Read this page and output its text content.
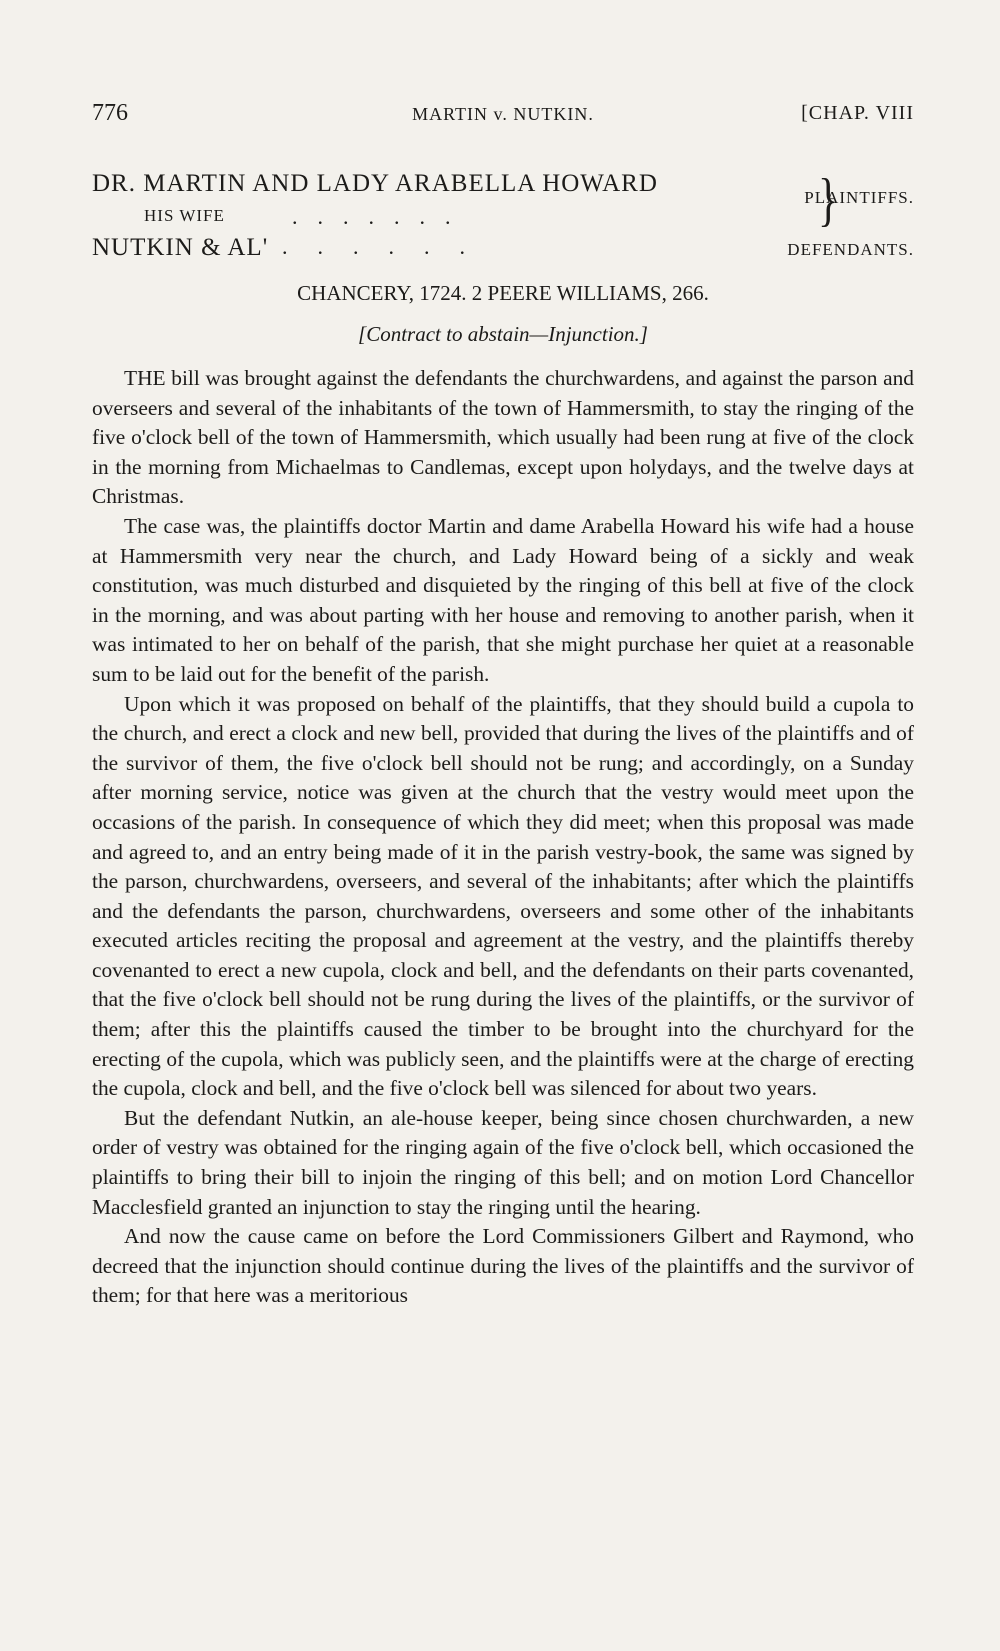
776	MARTIN v. NUTKIN.	[CHAP. VIII
DR. MARTIN AND LADY ARABELLA HOWARD
HIS WIFE	.......
NUTKIN & AL' ......
}
PLAINTIFFS.
DEFENDANTS.
CHANCERY, 1724. 2 PEERE WILLIAMS, 266.
[Contract to abstain—Injunction.]

THE bill was brought against the defendants the churchwardens, and against the parson and overseers and several of the inhabitants of the town of Hammersmith, to stay the ringing of the five o'clock bell of the town of Hammersmith, which usually had been rung at five of the clock in the morning from Michaelmas to Candlemas, except upon holydays, and the twelve days at Christmas.

The case was, the plaintiffs doctor Martin and dame Arabella Howard his wife had a house at Hammersmith very near the church, and Lady Howard being of a sickly and weak constitution, was much disturbed and disquieted by the ringing of this bell at five of the clock in the morning, and was about parting with her house and removing to another parish, when it was intimated to her on behalf of the parish, that she might purchase her quiet at a reasonable sum to be laid out for the benefit of the parish.

Upon which it was proposed on behalf of the plaintiffs, that they should build a cupola to the church, and erect a clock and new bell, provided that during the lives of the plaintiffs and of the survivor of them, the five o'clock bell should not be rung; and accordingly, on a Sunday after morning service, notice was given at the church that the vestry would meet upon the occasions of the parish. In consequence of which they did meet; when this proposal was made and agreed to, and an entry being made of it in the parish vestry-book, the same was signed by the parson, churchwardens, overseers, and several of the inhabitants; after which the plaintiffs and the defendants the parson, churchwardens, overseers and some other of the inhabitants executed articles reciting the proposal and agreement at the vestry, and the plaintiffs thereby covenanted to erect a new cupola, clock and bell, and the defendants on their parts covenanted, that the five o'clock bell should not be rung during the lives of the plaintiffs, or the survivor of them; after this the plaintiffs caused the timber to be brought into the churchyard for the erecting of the cupola, which was publicly seen, and the plaintiffs were at the charge of erecting the cupola, clock and bell, and the five o'clock bell was silenced for about two years.

But the defendant Nutkin, an ale-house keeper, being since chosen churchwarden, a new order of vestry was obtained for the ringing again of the five o'clock bell, which occasioned the plaintiffs to bring their bill to injoin the ringing of this bell; and on motion Lord Chancellor Macclesfield granted an injunction to stay the ringing until the hearing.

And now the cause came on before the Lord Commissioners Gilbert and Raymond, who decreed that the injunction should continue during the lives of the plaintiffs and the survivor of them; for that here was a meritorious
